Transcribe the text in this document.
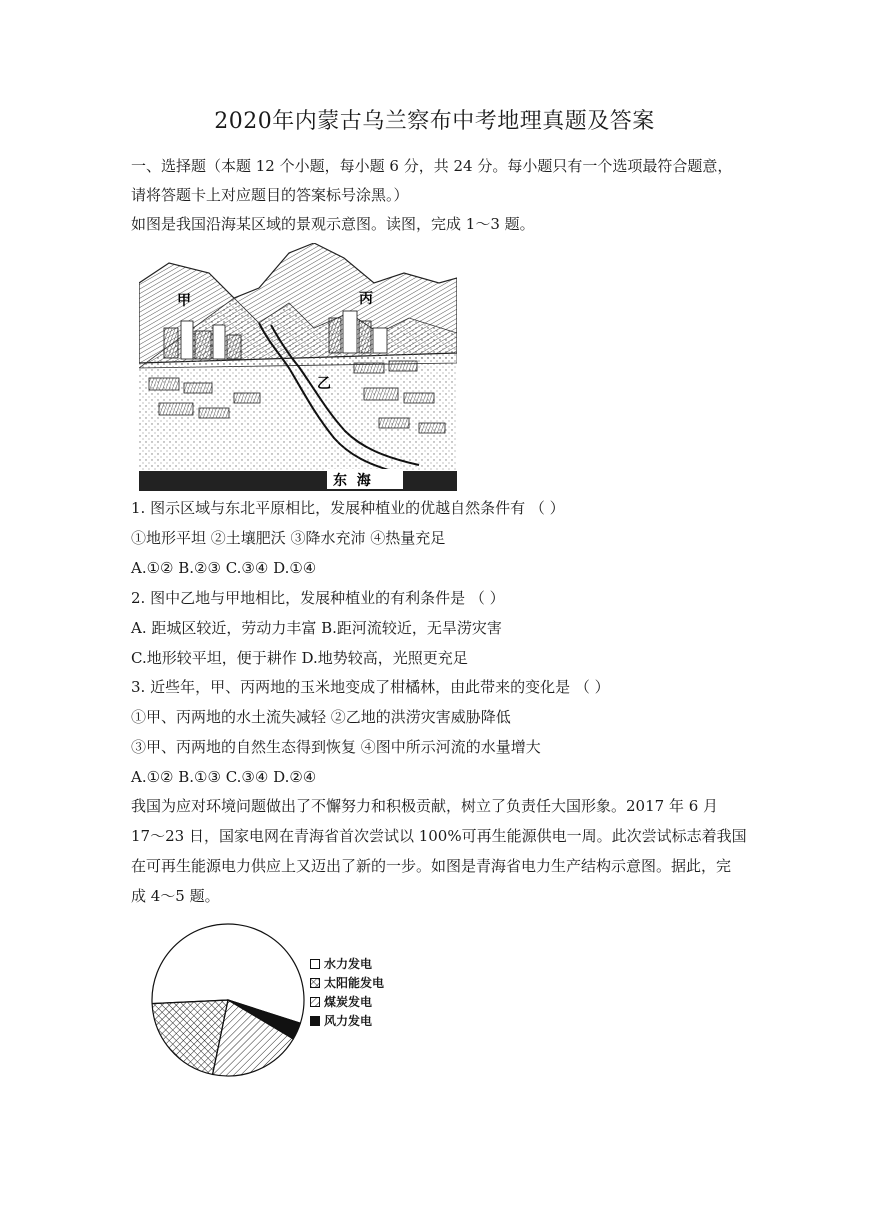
2020年内蒙古乌兰察布中考地理真题及答案
一、选择题（本题 12 个小题，每小题 6 分，共 24 分。每小题只有一个选项最符合题意，
请将答题卡上对应题目的答案标号涂黑。）
如图是我国沿海某区域的景观示意图。读图，完成 1～3 题。
甲	丙
乙
东  海
1. 图示区域与东北平原相比，发展种植业的优越自然条件有 （ ）
①地形平坦 ②土壤肥沃 ③降水充沛 ④热量充足
A.①② B.②③ C.③④ D.①④
2. 图中乙地与甲地相比，发展种植业的有利条件是 （ ）
A. 距城区较近，劳动力丰富 B.距河流较近，无旱涝灾害
C.地形较平坦，便于耕作 D.地势较高，光照更充足
3. 近些年，甲、丙两地的玉米地变成了柑橘林，由此带来的变化是 （ ）
①甲、丙两地的水土流失减轻 ②乙地的洪涝灾害威胁降低
③甲、丙两地的自然生态得到恢复 ④图中所示河流的水量增大
A.①② B.①③ C.③④ D.②④
我国为应对环境问题做出了不懈努力和积极贡献，树立了负责任大国形象。2017 年 6 月
17～23 日，国家电网在青海省首次尝试以 100%可再生能源供电一周。此次尝试标志着我国
在可再生能源电力供应上又迈出了新的一步。如图是青海省电力生产结构示意图。据此，完
成 4～5 题。
水力发电
太阳能发电
煤炭发电
风力发电
